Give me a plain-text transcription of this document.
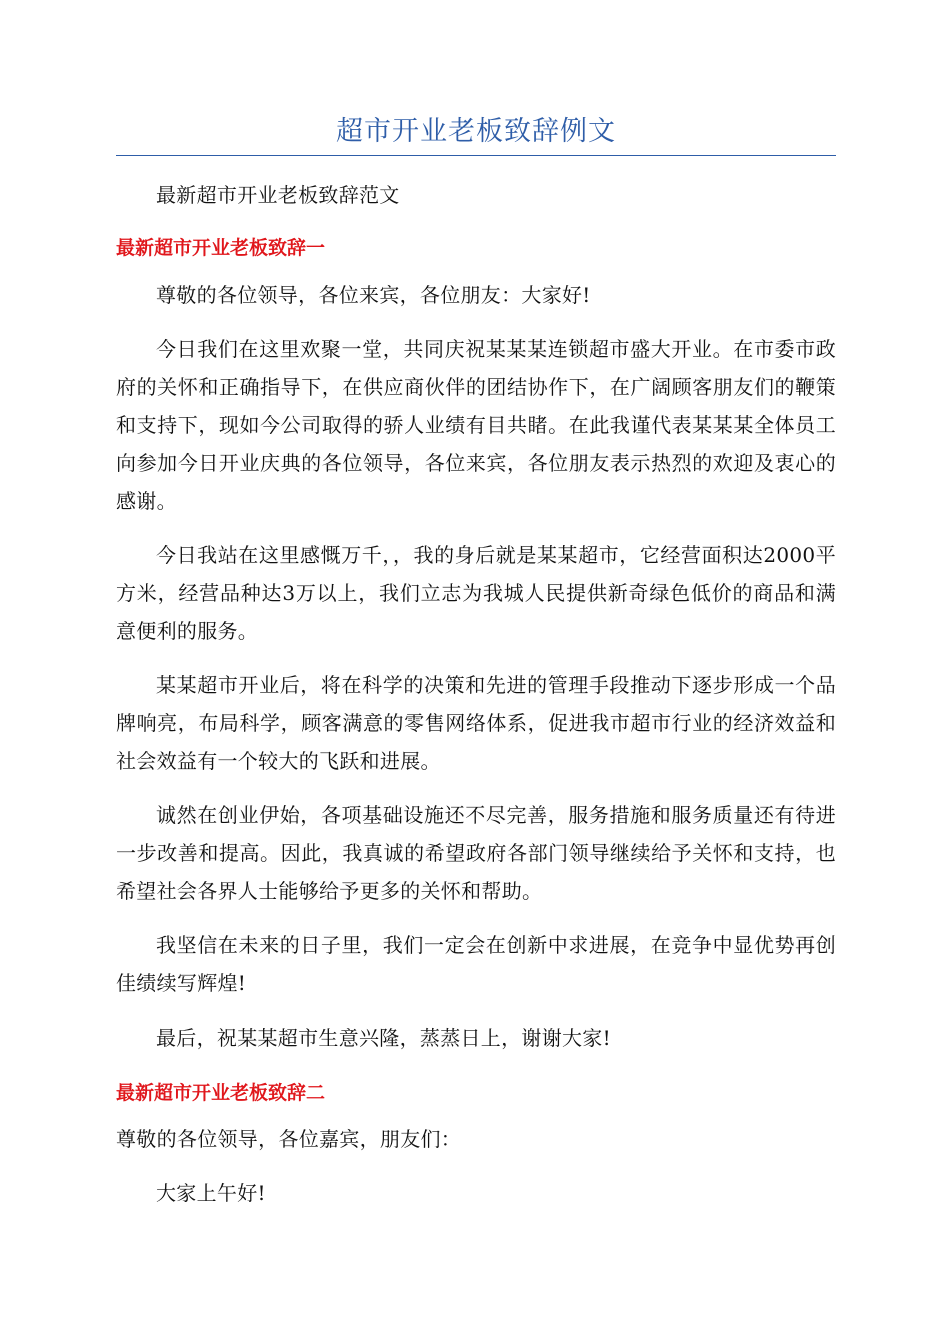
超市开业老板致辞例文

最新超市开业老板致辞范文

最新超市开业老板致辞一

尊敬的各位领导，各位来宾，各位朋友：大家好!

今日我们在这里欢聚一堂，共同庆祝某某某连锁超市盛大开业。在市委市政府的关怀和正确指导下，在供应商伙伴的团结协作下，在广阔顾客朋友们的鞭策和支持下，现如今公司取得的骄人业绩有目共睹。在此我谨代表某某某全体员工向参加今日开业庆典的各位领导，各位来宾，各位朋友表示热烈的欢迎及衷心的感谢。

今日我站在这里感慨万千，，我的身后就是某某超市，它经营面积达2000平方米，经营品种达3万以上，我们立志为我城人民提供新奇绿色低价的商品和满意便利的服务。

某某超市开业后，将在科学的决策和先进的管理手段推动下逐步形成一个品牌响亮，布局科学，顾客满意的零售网络体系，促进我市超市行业的经济效益和社会效益有一个较大的飞跃和进展。

诚然在创业伊始，各项基础设施还不尽完善，服务措施和服务质量还有待进一步改善和提高。因此，我真诚的希望政府各部门领导继续给予关怀和支持，也希望社会各界人士能够给予更多的关怀和帮助。

我坚信在未来的日子里，我们一定会在创新中求进展，在竞争中显优势再创佳绩续写辉煌!

最后，祝某某超市生意兴隆，蒸蒸日上，谢谢大家!

最新超市开业老板致辞二

尊敬的各位领导，各位嘉宾，朋友们：

大家上午好!
